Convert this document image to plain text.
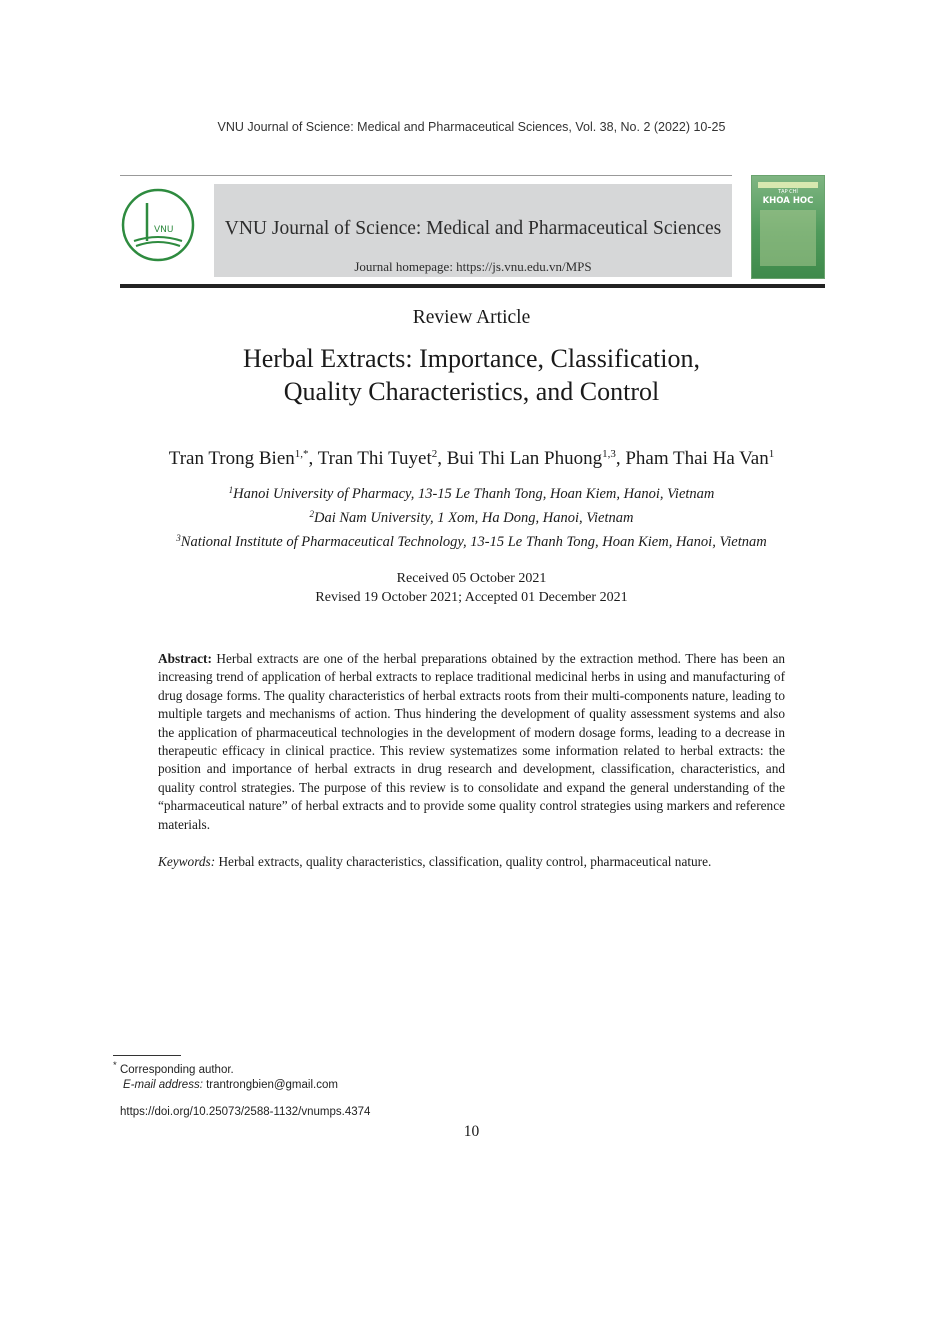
VNU Journal of Science: Medical and Pharmaceutical Sciences, Vol. 38, No. 2 (2022) 10-25
VNU	VNU Journal of Science: Medical and Pharmaceutical Sciences
Journal homepage: https://js.vnu.edu.vn/MPS
TẠP CHÍ
KHOA HOC
Review Article
Herbal Extracts: Importance, Classification,
Quality Characteristics, and Control
Tran Trong Bien$^{1,*}$, Tran Thi Tuyet$^2$, Bui Thi Lan Phuong$^{1,3}$, Pham Thai Ha Van$^1$
$^1$Hanoi University of Pharmacy, 13-15 Le Thanh Tong, Hoan Kiem, Hanoi, Vietnam
$^2$Dai Nam University, 1 Xom, Ha Dong, Hanoi, Vietnam
$^3$National Institute of Pharmaceutical Technology, 13-15 Le Thanh Tong, Hoan Kiem, Hanoi, Vietnam
Received 05 October 2021
Revised 19 October 2021; Accepted 01 December 2021
Abstract: Herbal extracts are one of the herbal preparations obtained by the extraction method. There has been an increasing trend of application of herbal extracts to replace traditional medicinal herbs in using and manufacturing of drug dosage forms. The quality characteristics of herbal extracts roots from their multi-components nature, leading to multiple targets and mechanisms of action. Thus hindering the development of quality assessment systems and also the application of pharmaceutical technologies in the development of modern dosage forms, leading to a decrease in therapeutic efficacy in clinical practice. This review systematizes some information related to herbal extracts: the position and importance of herbal extracts in drug research and development, classification, characteristics, and quality control strategies. The purpose of this review is to consolidate and expand the general understanding of the “pharmaceutical nature” of herbal extracts and to provide some quality control strategies using markers and reference materials.
Keywords: Herbal extracts, quality characteristics, classification, quality control, pharmaceutical nature.
* Corresponding author.
E-mail address: trantrongbien@gmail.com
https://doi.org/10.25073/2588-1132/vnumps.4374
10
